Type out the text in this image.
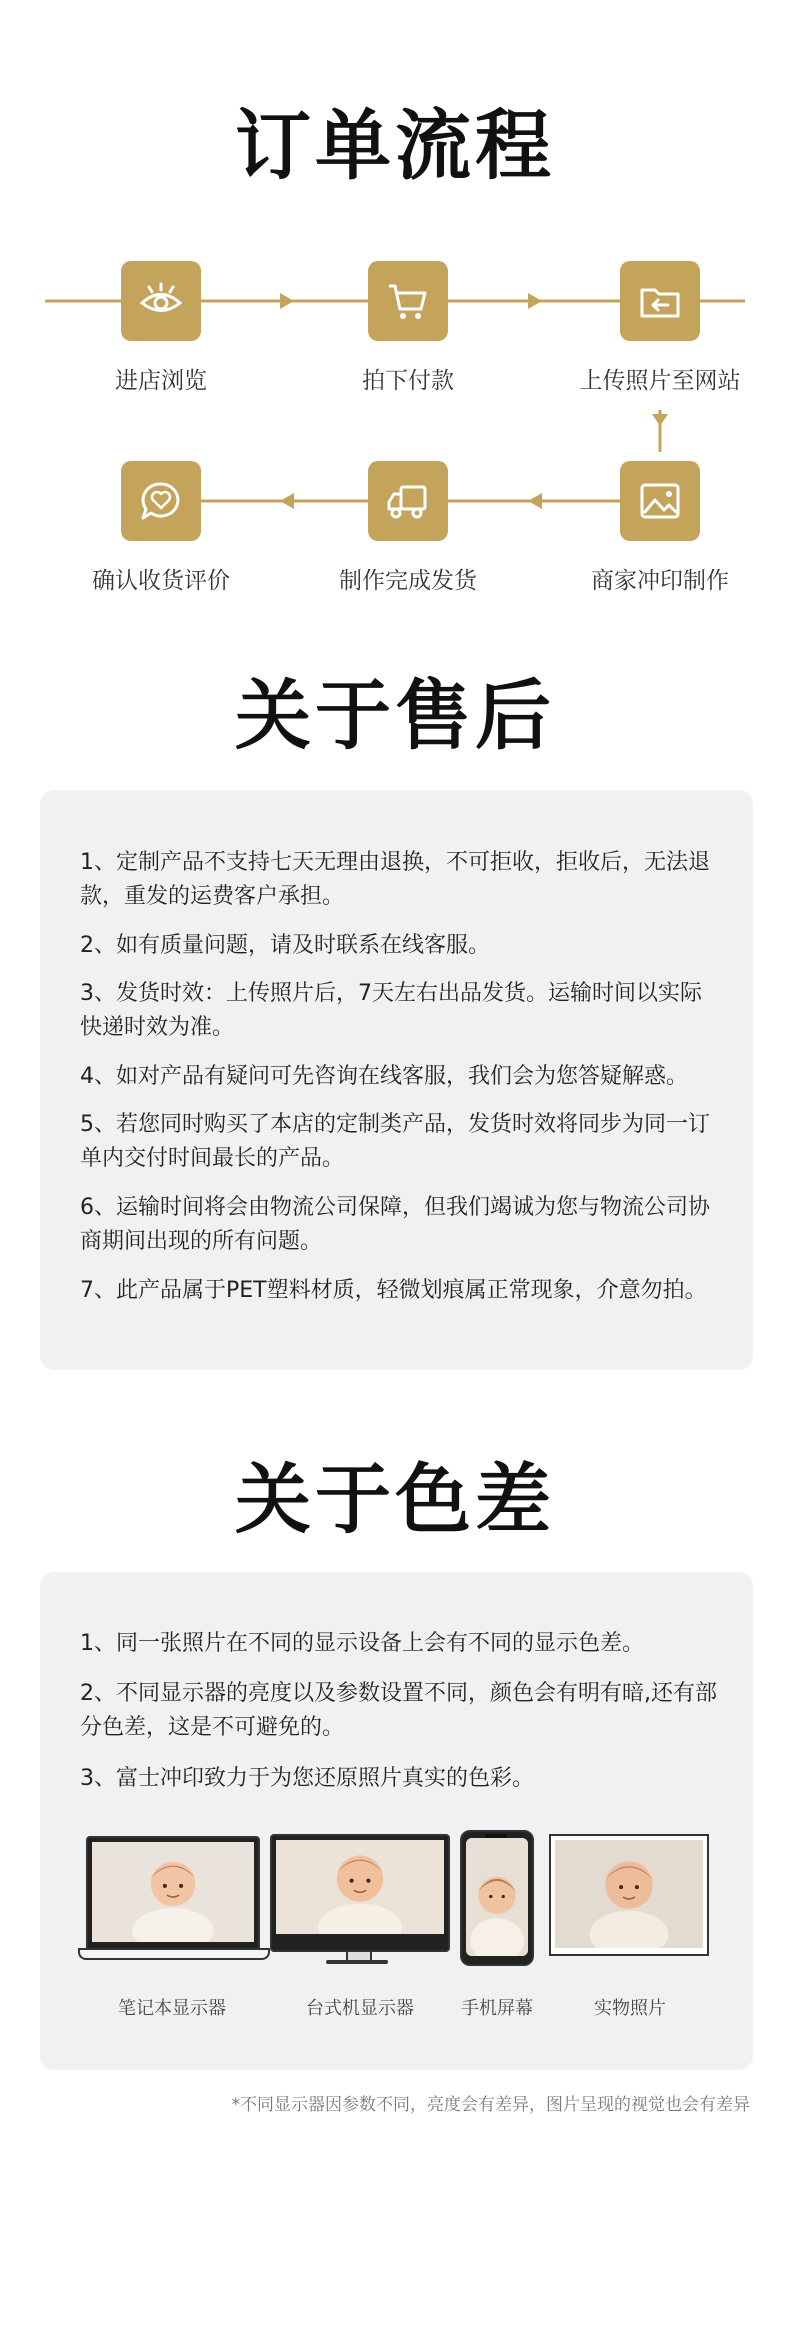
订单流程
进店浏览	拍下付款	上传照片至网站
商家冲印制作
制作完成发货
确认收货评价
关于售后
1、定制产品不支持七天无理由退换，不可拒收，拒收后，无法退款，重发的运费客户承担。
2、如有质量问题，请及时联系在线客服。
3、发货时效：上传照片后，7天左右出品发货。运输时间以实际快递时效为准。
4、如对产品有疑问可先咨询在线客服，我们会为您答疑解惑。
5、若您同时购买了本店的定制类产品，发货时效将同步为同一订单内交付时间最长的产品。
6、运输时间将会由物流公司保障，但我们竭诚为您与物流公司协商期间出现的所有问题。
7、此产品属于PET塑料材质，轻微划痕属正常现象，介意勿拍。
关于色差
1、同一张照片在不同的显示设备上会有不同的显示色差。
2、不同显示器的亮度以及参数设置不同，颜色会有明有暗,还有部分色差，这是不可避免的。
3、富士冲印致力于为您还原照片真实的色彩。
笔记本显示器	台式机显示器	手机屏幕	实物照片
*不同显示器因参数不同，亮度会有差异，图片呈现的视觉也会有差异
